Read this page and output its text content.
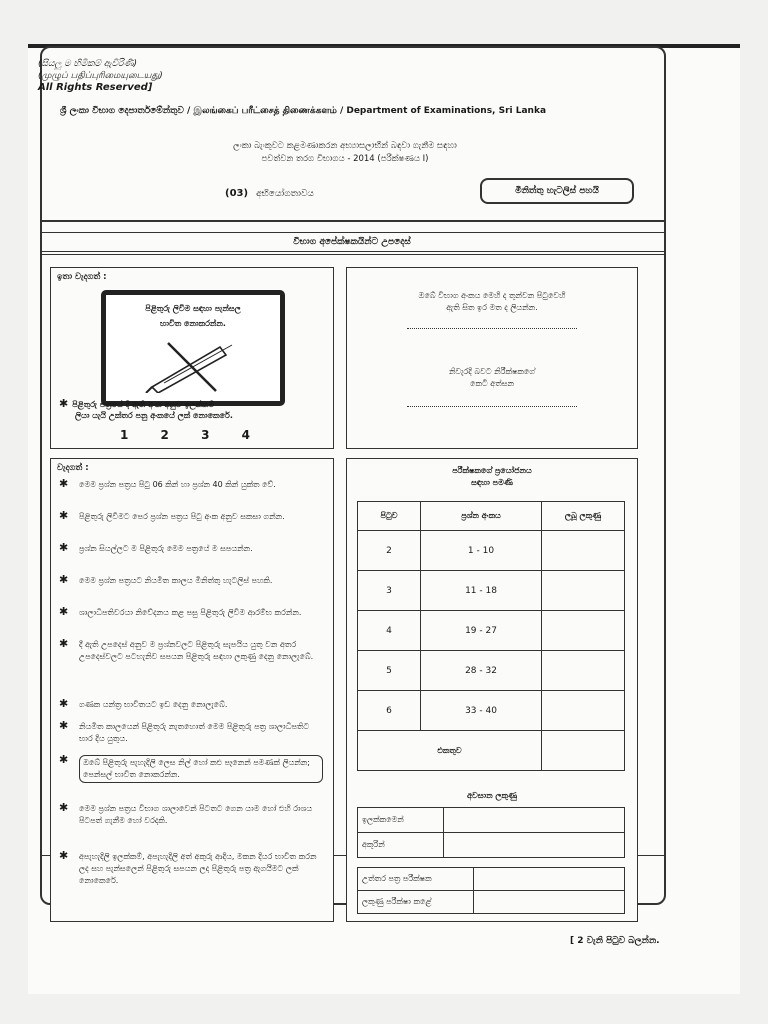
(සියලු ම හිමිකම් ඇවිරිණි)
(முழுப் பதிப்புரிமையுடையது)
All Rights Reserved]
ශ්‍රී ලංකා විභාග දෙපාර්තමේන්තුව / இலங்கைப் பரீட்சைத் திணைக்களம் / Department of Examinations, Sri Lanka
ලංකා බැංකුවට කළමණාකරන අභ්‍යාසලාභීන් බඳවා ගැනීම සඳහා
පවත්වන තරග විභාගය - 2014 (පරීක්ෂණය I)
(03) අභියෝගතාවය	මිනිත්තු හැටලිස් පහයි
විභාග අපේක්ෂකයින්ට උපදෙස්
ඉතා වැදගත් :
පිළිතුරු ලිවීම සඳහා පැන්සල
භාවිත නොකරන්න.
✱ පිළිතුරු පත්‍රයේ දී ඇති අංක අනුව ඉලක්කම්
ලියා යැයි උක්තර පනු අංකයේ ලක් නොකෙරේ.
1 2 3 4
ඔබේ විභාග අංකය මෙහි ද තුන්වන පිටුවෙහි
ඇති සිත ඉර මත ද ලියන්න.
නිවැරදි බවට නිරීක්ෂකගේ
කෙටි අත්සන
වැදගත් :
✱ මෙම ප්‍රශ්න පත්‍රය පිටු 06 කින් හා ප්‍රශ්න 40 කින් යුක්ත වේ.
✱ පිළිතුරු ලිවීමට පෙර ප්‍රශ්න පත්‍රය පිටු අංක අනුව සකසා ගන්න.
✱ ප්‍රශ්න සියල්ලට ම පිළිතුරු මෙම පත්‍රයේ ම සපයන්න.
✱ මෙම ප්‍රශ්න පත්‍රයට නියමිත කාලය මිනිත්තු හැටලිස් පහකි.
✱ ශාලාධිපතිවරයා නිවේදනය කළ පසු පිළිතුරු ලිවීම ආරම්භ කරන්න.
✱ දී ඇති උපදෙස් අනුව ම ප්‍රශ්නවලට පිළිතුරු සැපයිය යුතු වන අතර උපදෙස්වලට පටහැනිව සපයන පිළිතුරු සඳහා ලකුණු දෙනු නොලැබේ.
✱ ගණක යන්ත්‍ර භාවිතයට ඉඩ දෙනු නොලැබේ.
✱ නියමිත කාලයෙන් පිළිතුරු නැතහොත් මෙම පිළිතුරු පත්‍ර ශාලාධිපතිට භාර දිය යුතුය.
✱	ඔබේ පිළිතුරු පැහැදිලි ලෙස නිල් හෝ කළු පෑනෙන් පමණක් ලියන්න; පෙන්සල් භාවිත නොකරන්න.
✱ මෙම ප්‍රශ්න පත්‍රය විභාග ශාලාවෙන් පිටතට ගෙන යාම හෝ එහි රාශය පිටපත් ගැනීම හෝ වරදකි.
✱ අපැහැදිලි ඉලක්කම්, අපැහැදිලි අත් අකුරු ආදිය, මකන දියර භාවිත කරන ලද සහ පැන්සලෙන් පිළිතුරු සපයන ලද පිළිතුරු පත්‍ර ඇගයීමට ලක් නොකෙරේ.
පරීක්ෂකගේ ප්‍රයෝජනය
සඳහා පමණි
පිටුව	ප්‍රශ්න අංකය	ලබූ ලකුණු
2	1 - 10	
3	11 - 18	
4	19 - 27	
5	28 - 32	
6	33 - 40	
එකතුව		
අවසාන ලකුණු
ඉලක්කමෙන්	
අකුරින්	
උත්තර පත්‍ර පරීක්ෂක	
ලකුණු පරීක්ෂා කළේ	
[ 2 වැනි පිටුව බලන්න.
